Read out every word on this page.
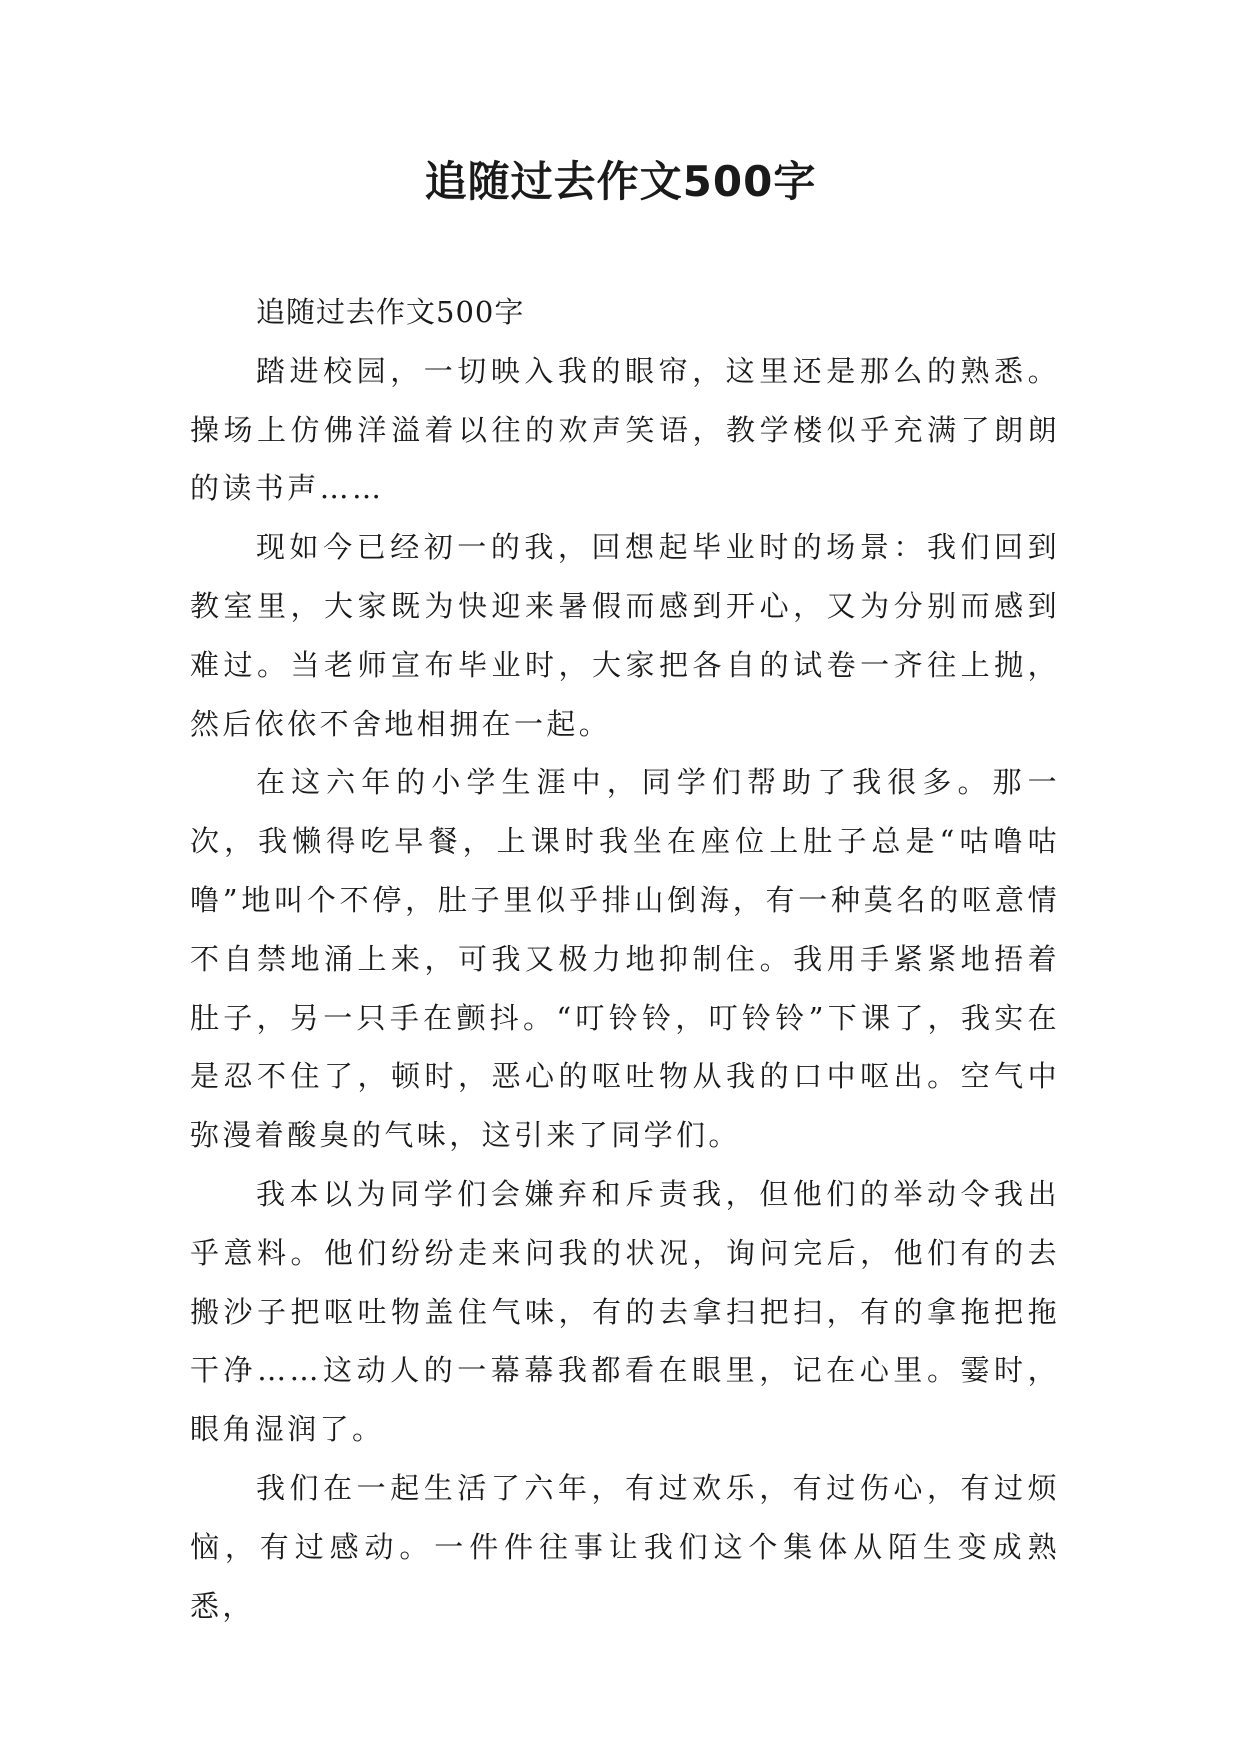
追随过去作文500字

追随过去作文500字

踏进校园，一切映入我的眼帘，这里还是那么的熟悉。操场上仿佛洋溢着以往的欢声笑语，教学楼似乎充满了朗朗的读书声……

现如今已经初一的我，回想起毕业时的场景：我们回到教室里，大家既为快迎来暑假而感到开心，又为分别而感到难过。当老师宣布毕业时，大家把各自的试卷一齐往上抛，然后依依不舍地相拥在一起。

在这六年的小学生涯中，同学们帮助了我很多。那一次，我懒得吃早餐，上课时我坐在座位上肚子总是“咕噜咕噜”地叫个不停，肚子里似乎排山倒海，有一种莫名的呕意情不自禁地涌上来，可我又极力地抑制住。我用手紧紧地捂着肚子，另一只手在颤抖。“叮铃铃，叮铃铃”下课了，我实在是忍不住了，顿时，恶心的呕吐物从我的口中呕出。空气中弥漫着酸臭的气味，这引来了同学们。

我本以为同学们会嫌弃和斥责我，但他们的举动令我出乎意料。他们纷纷走来问我的状况，询问完后，他们有的去搬沙子把呕吐物盖住气味，有的去拿扫把扫，有的拿拖把拖干净……这动人的一幕幕我都看在眼里，记在心里。霎时，眼角湿润了。

我们在一起生活了六年，有过欢乐，有过伤心，有过烦恼，有过感动。一件件往事让我们这个集体从陌生变成熟悉，
